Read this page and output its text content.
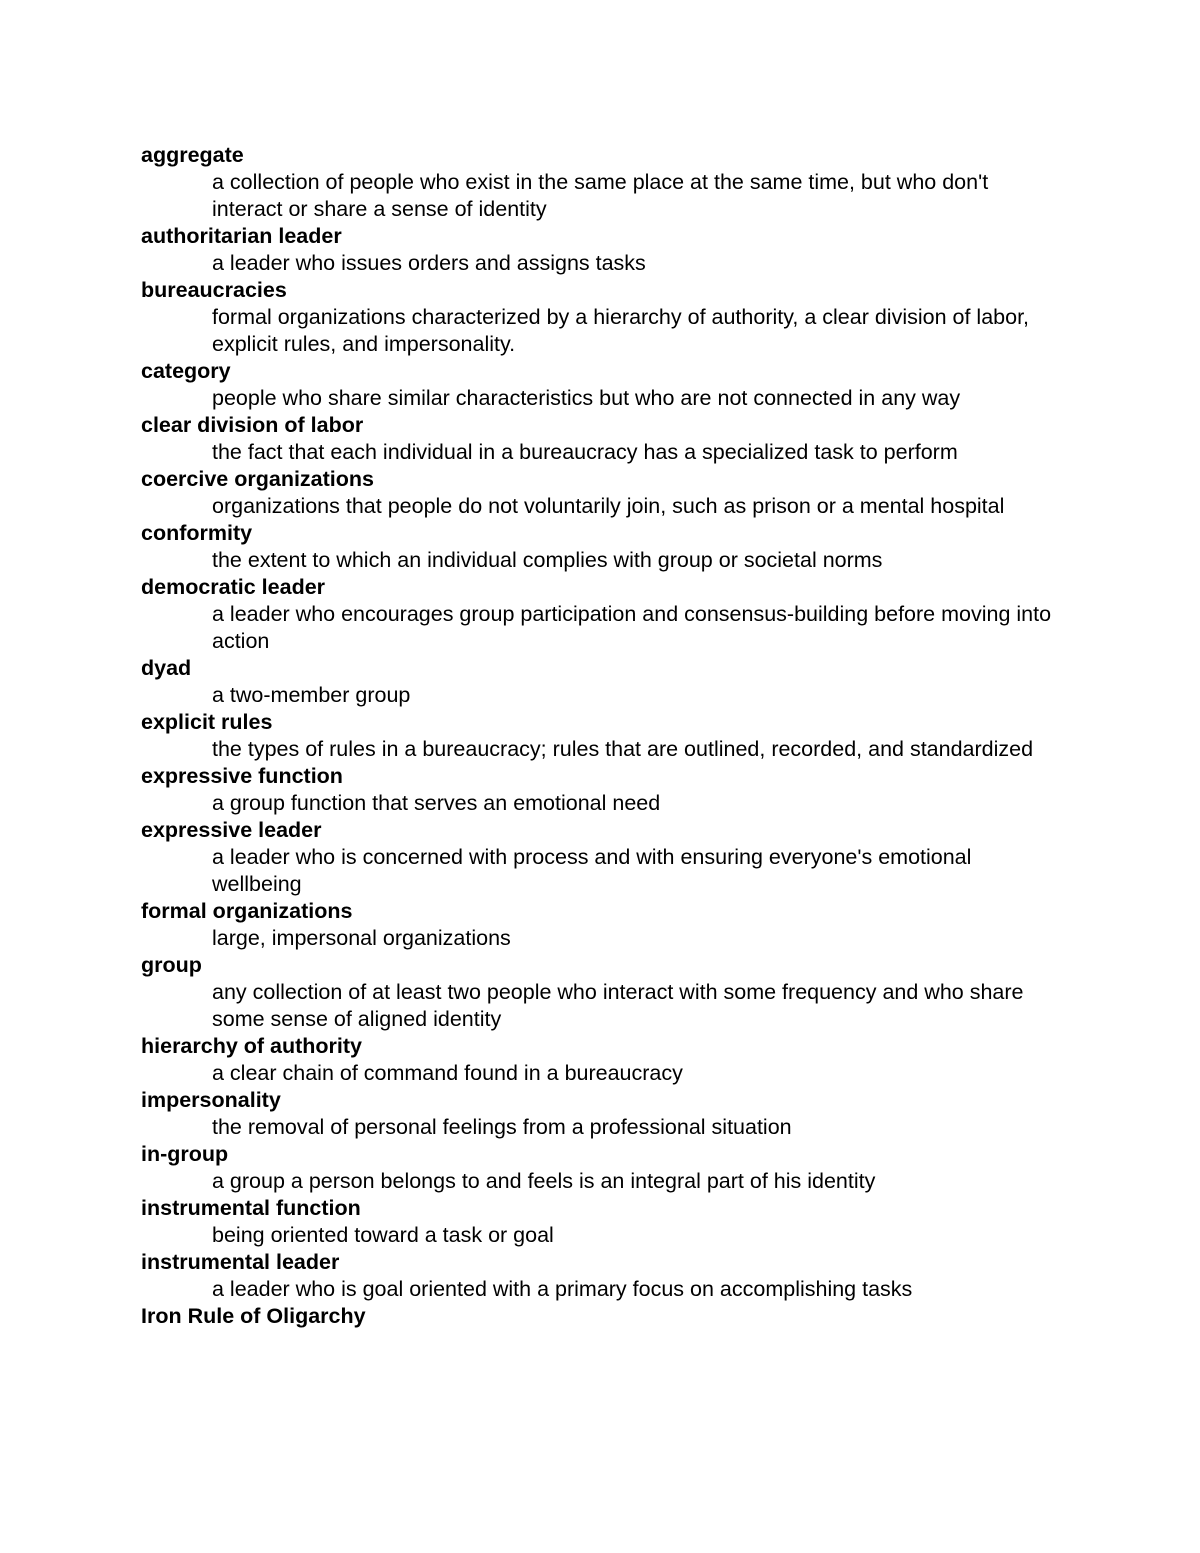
aggregate
a collection of people who exist in the same place at the same time, but who don't interact or share a sense of identity
authoritarian leader
a leader who issues orders and assigns tasks
bureaucracies
formal organizations characterized by a hierarchy of authority, a clear division of labor, explicit rules, and impersonality.
category
people who share similar characteristics but who are not connected in any way
clear division of labor
the fact that each individual in a bureaucracy has a specialized task to perform
coercive organizations
organizations that people do not voluntarily join, such as prison or a mental hospital
conformity
the extent to which an individual complies with group or societal norms
democratic leader
a leader who encourages group participation and consensus-building before moving into action
dyad
a two-member group
explicit rules
the types of rules in a bureaucracy; rules that are outlined, recorded, and standardized
expressive function
a group function that serves an emotional need
expressive leader
a leader who is concerned with process and with ensuring everyone's emotional wellbeing
formal organizations
large, impersonal organizations
group
any collection of at least two people who interact with some frequency and who share some sense of aligned identity
hierarchy of authority
a clear chain of command found in a bureaucracy
impersonality
the removal of personal feelings from a professional situation
in-group
a group a person belongs to and feels is an integral part of his identity
instrumental function
being oriented toward a task or goal
instrumental leader
a leader who is goal oriented with a primary focus on accomplishing tasks
Iron Rule of Oligarchy
